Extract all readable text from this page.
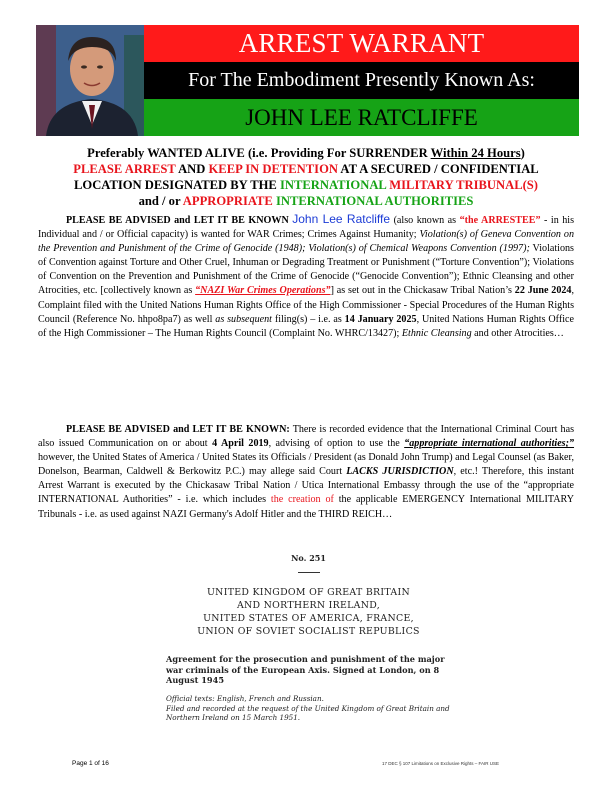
ARREST WARRANT
For The Embodiment Presently Known As:
JOHN LEE RATCLIFFE
Preferably WANTED ALIVE (i.e. Providing For SURRENDER Within 24 Hours)
PLEASE ARREST AND KEEP IN DETENTION AT A SECURED / CONFIDENTIAL
LOCATION DESIGNATED BY THE INTERNATIONAL MILITARY TRIBUNAL(S)
and / or APPROPRIATE INTERNATIONAL AUTHORITIES
PLEASE BE ADVISED and LET IT BE KNOWN John Lee Ratcliffe (also known as “the ARRESTEE” - in his Individual and / or Official capacity) is wanted for WAR Crimes; Crimes Against Humanity; Violation(s) of Geneva Convention on the Prevention and Punishment of the Crime of Genocide (1948); Violation(s) of Chemical Weapons Convention (1997); Violations of Convention against Torture and Other Cruel, Inhuman or Degrading Treatment or Punishment (“Torture Convention”); Violations of Convention on the Prevention and Punishment of the Crime of Genocide (“Genocide Convention”); Ethnic Cleansing and other Atrocities, etc. [collectively known as “NAZI War Crimes Operations”] as set out in the Chickasaw Tribal Nation’s 22 June 2024, Complaint filed with the United Nations Human Rights Office of the High Commissioner - Special Procedures of the Human Rights Council (Reference No. hhpo8pa7) as well as subsequent filing(s) – i.e. as 14 January 2025, United Nations Human Rights Office of the High Commissioner – The Human Rights Council (Complaint No. WHRC/13427); Ethnic Cleansing and other Atrocities…
PLEASE BE ADVISED and LET IT BE KNOWN: There is recorded evidence that the International Criminal Court has also issued Communication on or about 4 April 2019, advising of option to use the “appropriate international authorities;” however, the United States of America / United States its Officials / President (as Donald John Trump) and Legal Counsel (as Baker, Donelson, Bearman, Caldwell & Berkowitz P.C.) may allege said Court LACKS JURISDICTION, etc.! Therefore, this instant Arrest Warrant is executed by the Chickasaw Tribal Nation / Utica International Embassy through the use of the “appropriate INTERNATIONAL Authorities” - i.e. which includes the creation of the applicable EMERGENCY International MILITARY Tribunals - i.e. as used against NAZI Germany's Adolf Hitler and the THIRD REICH…
No. 251
UNITED KINGDOM OF GREAT BRITAIN
AND NORTHERN IRELAND,
UNITED STATES OF AMERICA, FRANCE,
UNION OF SOVIET SOCIALIST REPUBLICS
Agreement for the prosecution and punishment of the major war criminals of the European Axis. Signed at London, on 8 August 1945
Official texts: English, French and Russian.
Filed and recorded at the request of the United Kingdom of Great Britain and Northern Ireland on 15 March 1951.
Page 1 of 16	17 DEC § 107 Limitations on Exclusive Rights – FAIR USE
